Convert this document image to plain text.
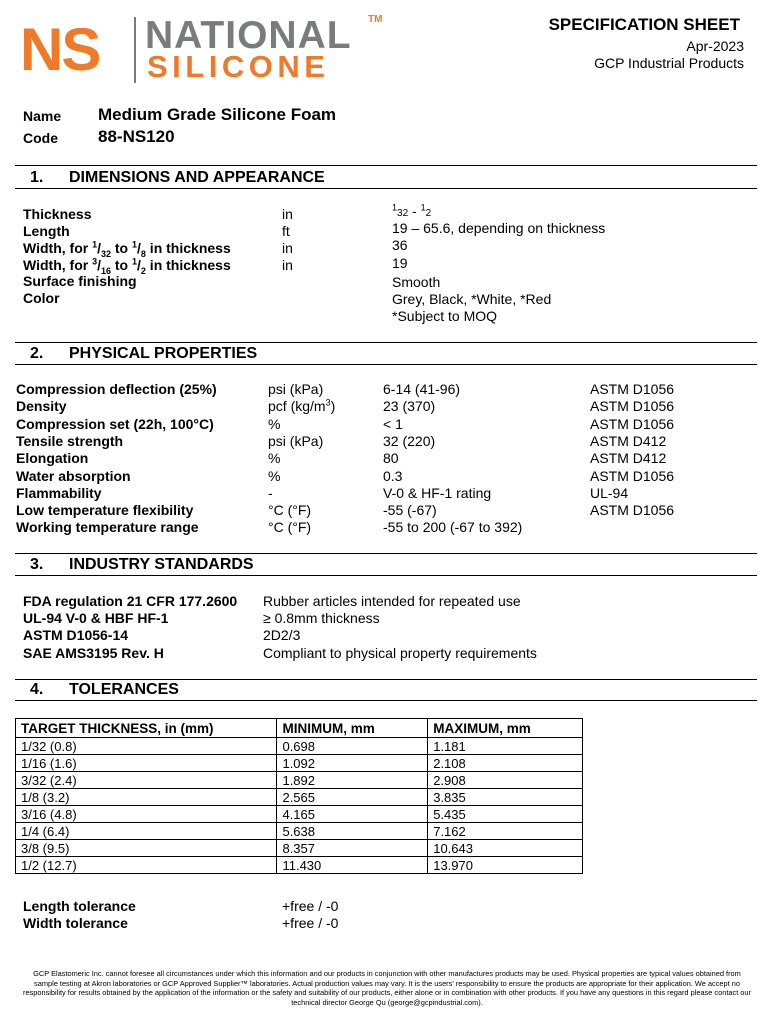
NS NATIONAL
SILICONE
TM	SPECIFICATION SHEET
Apr-2023
GCP Industrial Products
Name Medium Grade Silicone Foam
Code 88-NS120
1. DIMENSIONS AND APPEARANCE
Thickness	in	$^1$32 - $^1$2
Length	ft	19 – 65.6, depending on thickness
Width, for $^1/_{32}$ to $^1/_8$ in thickness	in	36
Width, for $^3/_{16}$ to $^1/_2$ in thickness	in	19
Surface finishing	Smooth
Color	Grey, Black, *White, *Red
*Subject to MOQ
2. PHYSICAL PROPERTIES
Compression deflection (25%)	psi (kPa)	6-14 (41-96)	ASTM D1056
Density	pcf $(kg/m^3)$	23 (370)	ASTM D1056
Compression set (22h, 100°C)	%	< 1	ASTM D1056
Tensile strength	psi (kPa)	32 (220)	ASTM D412
Elongation	%	80	ASTM D412
Water absorption	%	0.3	ASTM D1056
Flammability	-	V-0 & HF-1 rating	UL-94
Low temperature flexibility	°C (°F)	-55 (-67)	ASTM D1056
Working temperature range	°C (°F)	-55 to 200 (-67 to 392)
3. INDUSTRY STANDARDS
FDA regulation 21 CFR 177.2600 Rubber articles intended for repeated use
UL-94 V-0 & HBF HF-1	≥ 0.8mm thickness
ASTM D1056-14	2D2/3
SAE AMS3195 Rev. H	Compliant to physical property requirements
4. TOLERANCES
TARGET THICKNESS, in (mm)	MINIMUM, mm	MAXIMUM, mm
1/32 (0.8)	0.698	1.181
1/16 (1.6)	1.092	2.108
3/32 (2.4)	1.892	2.908
1/8 (3.2)	2.565	3.835
3/16 (4.8)	4.165	5.435
1/4 (6.4)	5.638	7.162
3/8 (9.5)	8.357	10.643
1/2 (12.7)	11.430	13.970
Length tolerance	+free / -0
Width tolerance	+free / -0
GCP Elastomeric Inc. cannot foresee all circumstances under which this information and our products in conjunction with other manufactures products may be used. Physical properties are typical values obtained from sample testing at Akron laboratories or GCP Approved Supplier™ laboratories. Actual production values may vary. It is the users' responsibility to ensure the products are appropriate for their application. We accept no responsibility for results obtained by the application of the information or the safety and suitability of our products, either alone or in combination with other products. If you have any questions in this regard please contact our technical director George Qu (george@gcpindustrial.com).
